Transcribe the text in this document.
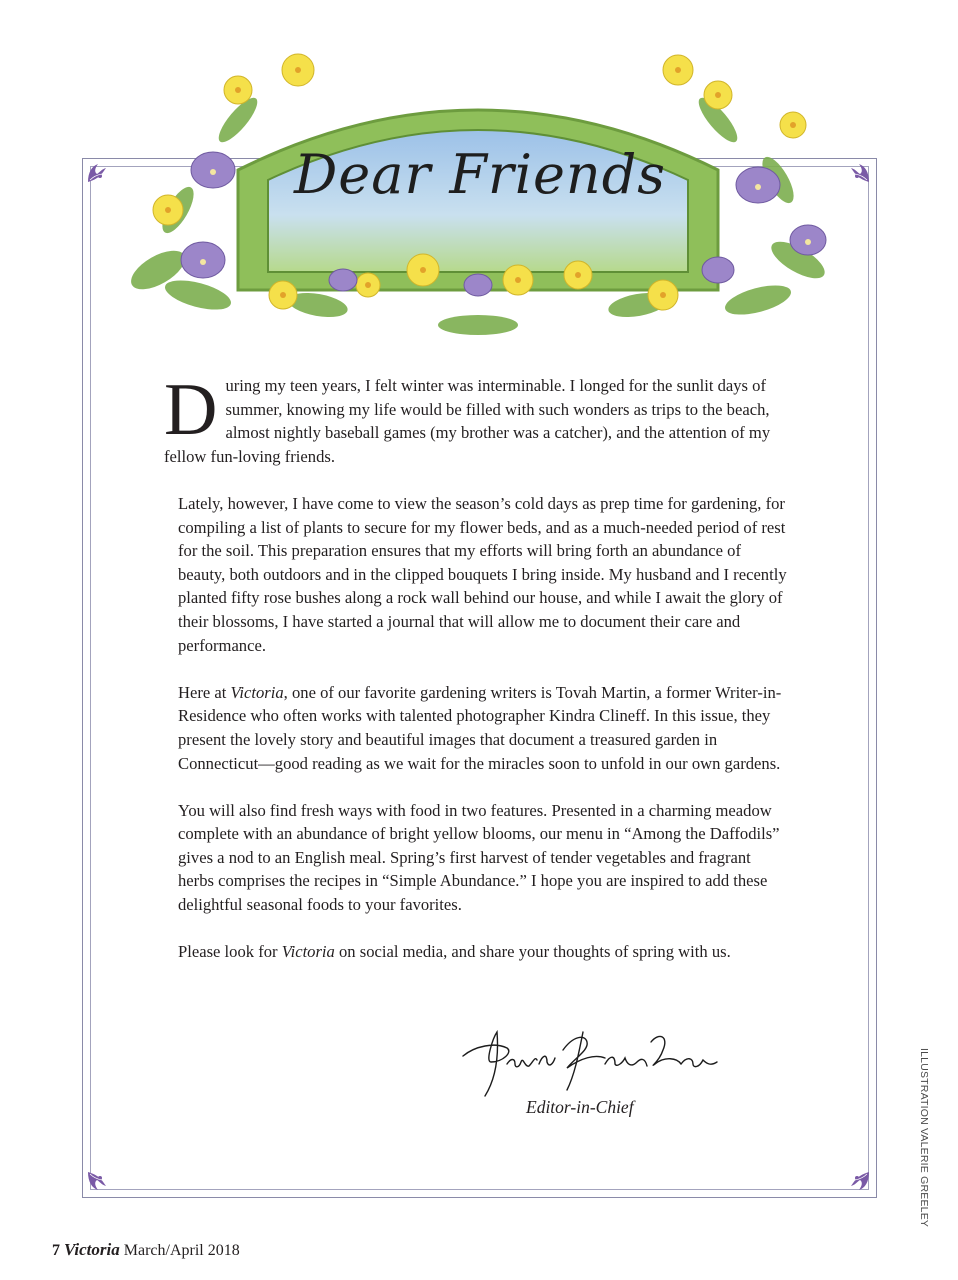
Dear Friends

During my teen years, I felt winter was interminable. I longed for the sunlit days of summer, knowing my life would be filled with such wonders as trips to the beach, almost nightly baseball games (my brother was a catcher), and the attention of my fellow fun-loving friends.

Lately, however, I have come to view the season’s cold days as prep time for gardening, for compiling a list of plants to secure for my flower beds, and as a much-needed period of rest for the soil. This preparation ensures that my efforts will bring forth an abundance of beauty, both outdoors and in the clipped bouquets I bring inside. My husband and I recently planted fifty rose bushes along a rock wall behind our house, and while I await the glory of their blossoms, I have started a journal that will allow me to document their care and performance.

Here at Victoria, one of our favorite gardening writers is Tovah Martin, a former Writer-in-Residence who often works with talented photographer Kindra Clineff. In this issue, they present the lovely story and beautiful images that document a treasured garden in Connecticut—good reading as we wait for the miracles soon to unfold in our own gardens.

You will also find fresh ways with food in two features. Presented in a charming meadow complete with an abundance of bright yellow blooms, our menu in “Among the Daffodils” gives a nod to an English meal. Spring’s first harvest of tender vegetables and fragrant herbs comprises the recipes in “Simple Abundance.” I hope you are inspired to add these delightful seasonal foods to your favorites.

Please look for Victoria on social media, and share your thoughts of spring with us.

Editor-in-Chief	ILLUSTRATION VALERIE GREELEY
7 Victoria March/April 2018
